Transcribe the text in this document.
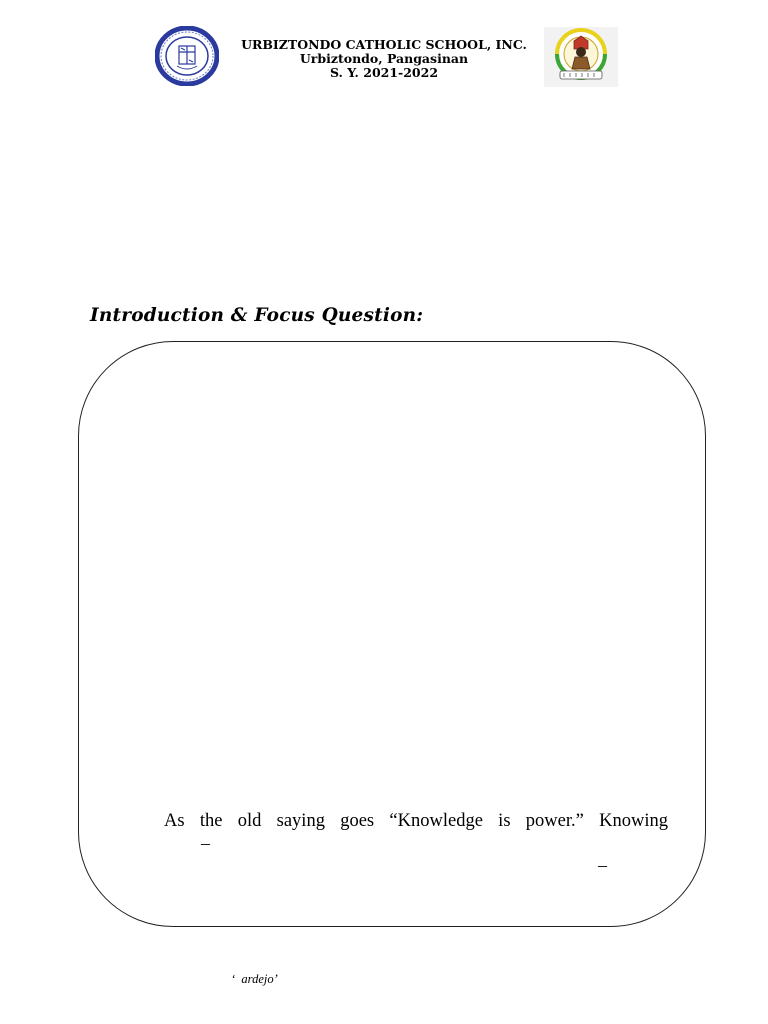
URBIZTONDO CATHOLIC SCHOOL, INC.
Urbiztondo, Pangasinan
S. Y. 2021-2022
Introduction & Focus Question:
As the old saying goes “Knowledge is power.” Knowing
–
–
‘  ardejo’
